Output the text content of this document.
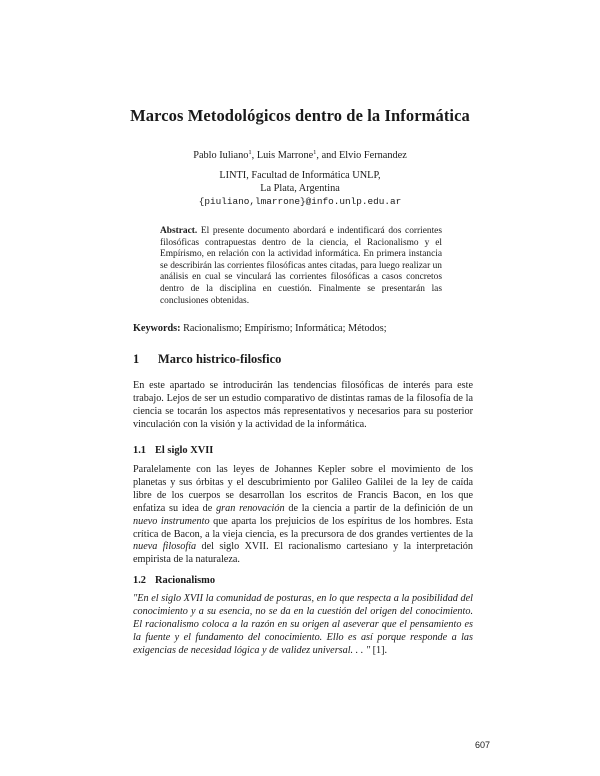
Marcos Metodológicos dentro de la Informática
Pablo Iuliano$^1$, Luis Marrone$^1$, and Elvio Fernandez
LINTI, Facultad de Informática UNLP,
La Plata, Argentina
{piuliano,lmarrone}@info.unlp.edu.ar
Abstract. El presente documento abordará e indentificará dos corrientes filosóficas contrapuestas dentro de la ciencia, el Racionalismo y el Empírismo, en relación con la actividad informática. En primera instancia se describirán las corrientes filosóficas antes citadas, para luego realizar un análisis en cual se vinculará las corrientes filosóficas a casos concretos dentro de la disciplina en cuestión. Finalmente se presentarán las conclusiones obtenidas.
Keywords: Racionalismo; Empírismo; Informática; Métodos;
1 Marco histrico-filosfico

En este apartado se introducirán las tendencias filosóficas de interés para este trabajo. Lejos de ser un estudio comparativo de distintas ramas de la filosofía de la ciencia se tocarán los aspectos más representativos y necesarios para su posterior vinculación con la visión y la actividad de la informática.

1.1 El siglo XVII

Paralelamente con las leyes de Johannes Kepler sobre el movimiento de los planetas y sus órbitas y el descubrimiento por Galileo Galilei de la ley de caída libre de los cuerpos se desarrollan los escritos de Francis Bacon, en los que enfatiza su idea de gran renovación de la ciencia a partir de la definición de un nuevo instrumento que aparta los prejuicios de los espíritus de los hombres. Esta crítica de Bacon, a la vieja ciencia, es la precursora de dos grandes vertientes de la nueva filosofía del siglo XVII. El racionalismo cartesiano y la interpretación empirista de la naturaleza.

1.2 Racionalismo

"En el siglo XVII la comunidad de posturas, en lo que respecta a la posibilidad del conocimiento y a su esencia, no se da en la cuestión del origen del conocimiento. El racionalismo coloca a la razón en su origen al aseverar que el pensamiento es la fuente y el fundamento del conocimiento. Ello es así porque responde a las exigencias de necesidad lógica y de validez universal. . . " [1].

607
